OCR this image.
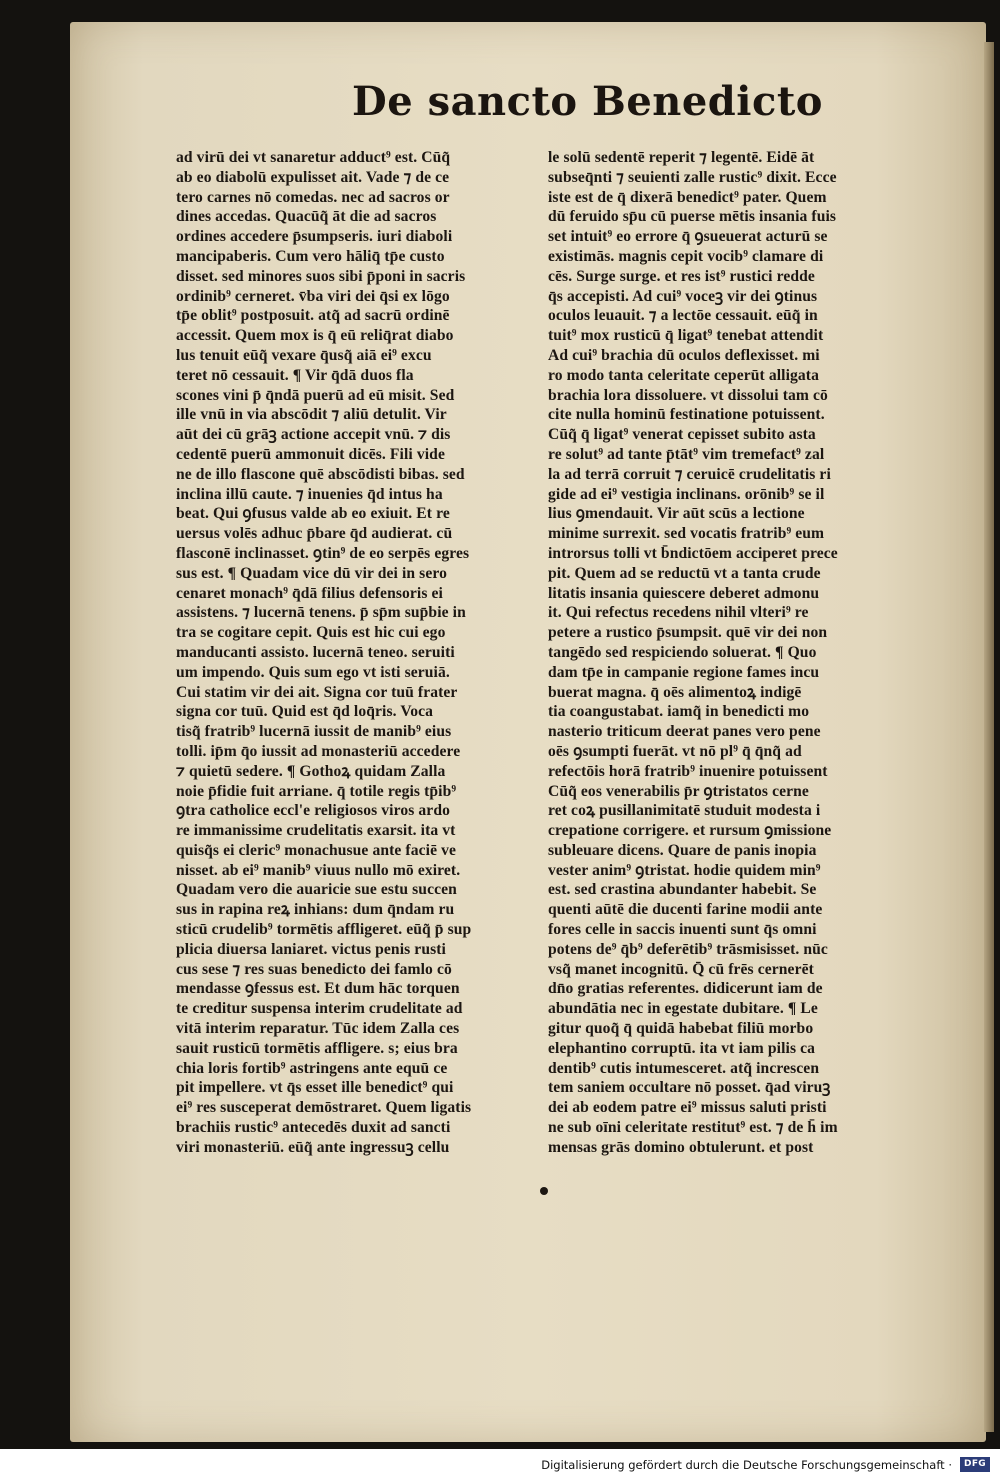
De sancto Benedicto
ad virū dei vt sanaretur adduct⁹ est. Cūq̃
ab eo diabolū expulisset ait. Vade ⁊ de ce
tero carnes nō comedas. nec ad sacros or
dines accedas. Quacūq̃ āt die ad sacros
ordines accedere p̄sumpseris. iuri diaboli
mancipaberis. Cum vero hāliq̄ tp̄e custo
disset. sed minores suos sibi p̄poni in sacris
ordinib⁹ cerneret. v̄ba viri dei q̄si ex lōgo
tp̄e oblit⁹ postposuit. atq̃ ad sacrū ordinē
accessit. Quem mox is q̄ eū reliq̄rat diabo
lus tenuit eūq̃ vexare q̄usq̃ aiā ei⁹ excu
teret nō cessauit. ¶ Vir q̄dā duos fla
scones vini p̄ q̄ndā puerū ad eū misit. Sed
ille vnū in via abscōdit ⁊ aliū detulit. Vir
aūt dei cū grāꝫ actione accepit vnū. ⁊ dis
cedentē puerū ammonuit dicēs. Fili vide
ne de illo flascone quē abscōdisti bibas. sed
inclina illū caute. ⁊ inuenies q̄d intus ha
beat. Qui ꝯfusus valde ab eo exiuit. Et re
uersus volēs adhuc p̄bare q̄d audierat. cū
flasconē inclinasset. ꝯtin⁹ de eo serpēs egres
sus est. ¶ Quadam vice dū vir dei in sero
cenaret monach⁹ q̄dā filius defensoris ei
assistens. ⁊ lucernā tenens. p̄ sp̄m sup̄bie in
tra se cogitare cepit. Quis est hic cui ego
manducanti assisto. lucernā teneo. seruiti
um impendo. Quis sum ego vt isti seruiā.
Cui statim vir dei ait. Signa cor tuū frater
signa cor tuū. Quid est q̄d loq̄ris. Voca
tisq̃ fratrib⁹ lucernā iussit de manib⁹ eius
tolli. ip̄m q̄o iussit ad monasteriū accedere
⁊ quietū sedere. ¶ Gothoꝝ quidam Zalla
noie p̄fidie fuit arriane. q̄ totile regis tp̄ib⁹
ꝯtra catholice eccl'e religiosos viros ardo
re immanissime crudelitatis exarsit. ita vt
quisq̃s ei cleric⁹ monachusue ante faciē ve
nisset. ab ei⁹ manib⁹ viuus nullo mō exiret.
Quadam vero die auaricie sue estu succen
sus in rapina reꝝ inhians: dum q̄ndam ru
sticū crudelib⁹ tormētis affligeret. eūq̃ p̄ sup
plicia diuersa laniaret. victus penis rusti
cus sese ⁊ res suas benedicto dei famlo cō
mendasse ꝯfessus est. Et dum hāc torquen
te creditur suspensa interim crudelitate ad
vitā interim reparatur. Tūc idem Zalla ces
sauit rusticū tormētis affligere. s; eius bra
chia loris fortib⁹ astringens ante equū ce
pit impellere. vt q̄s esset ille benedict⁹ qui
ei⁹ res susceperat demōstraret. Quem ligatis
brachiis rustic⁹ antecedēs duxit ad sancti
viri monasteriū. eūq̃ ante ingressuꝫ cellu
le solū sedentē reperit ⁊ legentē. Eidē āt
subseq̄nti ⁊ seuienti zalle rustic⁹ dixit. Ecce
iste est de q̄ dixerā benedict⁹ pater. Quem
dū feruido sp̄u cū puerse mētis insania fuis
set intuit⁹ eo errore q̄ ꝯsueuerat acturū se
existimās. magnis cepit vocib⁹ clamare di
cēs. Surge surge. et res ist⁹ rustici redde
q̄s accepisti. Ad cui⁹ voceꝫ vir dei ꝯtinus
oculos leuauit. ⁊ a lectōe cessauit. eūq̃ in
tuit⁹ mox rusticū q̄ ligat⁹ tenebat attendit
Ad cui⁹ brachia dū oculos deflexisset. mi
ro modo tanta celeritate ceperūt alligata
brachia lora dissoluere. vt dissolui tam cō
cite nulla hominū festinatione potuissent.
Cūq̃ q̄ ligat⁹ venerat cepisset subito asta
re solut⁹ ad tante p̄tāt⁹ vim tremefact⁹ zal
la ad terrā corruit ⁊ ceruicē crudelitatis ri
gide ad ei⁹ vestigia inclinans. orōnib⁹ se il
lius ꝯmendauit. Vir aūt scūs a lectione
minime surrexit. sed vocatis fratrib⁹ eum
introrsus tolli vt b̄ndictōem acciperet prece
pit. Quem ad se reductū vt a tanta crude
litatis insania quiescere deberet admonu
it. Qui refectus recedens nihil vlteri⁹ re
petere a rustico p̄sumpsit. quē vir dei non
tangēdo sed respiciendo soluerat. ¶ Quo
dam tp̄e in campanie regione fames incu
buerat magna. q̄ oēs alimentoꝝ indigē
tia coangustabat. iamq̃ in benedicti mo
nasterio triticum deerat panes vero pene
oēs ꝯsumpti fuerāt. vt nō pl⁹ q̄ q̄nq̃ ad
refectōis horā fratrib⁹ inuenire potuissent
Cūq̃ eos venerabilis p̄r ꝯtristatos cerne
ret coꝝ pusillanimitatē studuit modesta i
crepatione corrigere. et rursum ꝯmissione
subleuare dicens. Quare de panis inopia
vester anim⁹ ꝯtristat. hodie quidem min⁹
est. sed crastina abundanter habebit. Se
quenti aūtē die ducenti farine modii ante
fores celle in saccis inuenti sunt q̄s omni
potens de⁹ q̄b⁹ deferētib⁹ trāsmisisset. nūc
vsq̃ manet incognitū. Q̄ cū frēs cernerēt
dn̄o gratias referentes. didicerunt iam de
abundātia nec in egestate dubitare. ¶ Le
gitur quoq̃ q̄ quidā habebat filiū morbo
elephantino corruptū. ita vt iam pilis ca
dentib⁹ cutis intumesceret. atq̃ increscen
tem saniem occultare nō posset. q̄ad viruꝫ
dei ab eodem patre ei⁹ missus saluti pristi
ne sub oīni celeritate restitut⁹ est. ⁊ de h̄ im
mensas grās domino obtulerunt. et post
Digitalisierung gefördert durch die Deutsche Forschungsgemeinschaft ·	DFG
